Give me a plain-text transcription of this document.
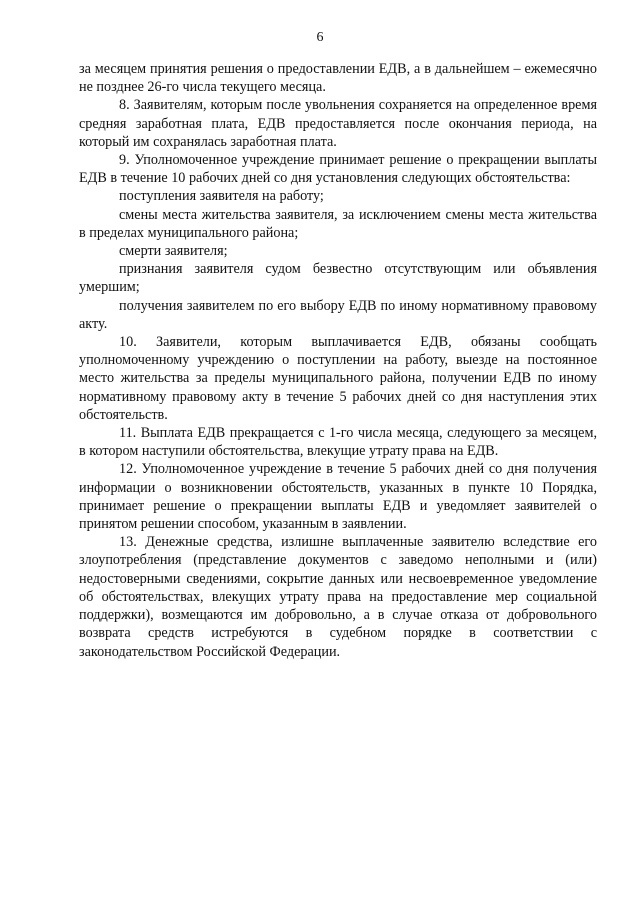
6

за месяцем принятия решения о предоставлении ЕДВ, а в дальнейшем – ежемесячно не позднее 26-го числа текущего месяца.

8. Заявителям, которым после увольнения сохраняется на определенное время средняя заработная плата, ЕДВ предоставляется после окончания периода, на который им сохранялась заработная плата.

9. Уполномоченное учреждение принимает решение о прекращении выплаты ЕДВ в течение 10 рабочих дней со дня установления следующих обстоятельства:

поступления заявителя на работу;

смены места жительства заявителя, за исключением смены места жительства в пределах муниципального района;

смерти заявителя;

признания заявителя судом безвестно отсутствующим или объявления умершим;

получения заявителем по его выбору ЕДВ по иному нормативному правовому акту.

10. Заявители, которым выплачивается ЕДВ, обязаны сообщать уполномоченному учреждению о поступлении на работу, выезде на постоянное место жительства за пределы муниципального района, получении ЕДВ по иному нормативному правовому акту в течение 5 рабочих дней со дня наступления этих обстоятельств.

11. Выплата ЕДВ прекращается с 1-го числа месяца, следующего за месяцем, в котором наступили обстоятельства, влекущие утрату права на ЕДВ.

12. Уполномоченное учреждение в течение 5 рабочих дней со дня получения информации о возникновении обстоятельств, указанных в пункте 10 Порядка, принимает решение о прекращении выплаты ЕДВ и уведомляет заявителей о принятом решении способом, указанным в заявлении.

13. Денежные средства, излишне выплаченные заявителю вследствие его злоупотребления (представление документов с заведомо неполными и (или) недостоверными сведениями, сокрытие данных или несвоевременное уведомление об обстоятельствах, влекущих утрату права на предоставление мер социальной поддержки), возмещаются им добровольно, а в случае отказа от добровольного возврата средств истребуются в судебном порядке в соответствии с законодательством Российской Федерации.
